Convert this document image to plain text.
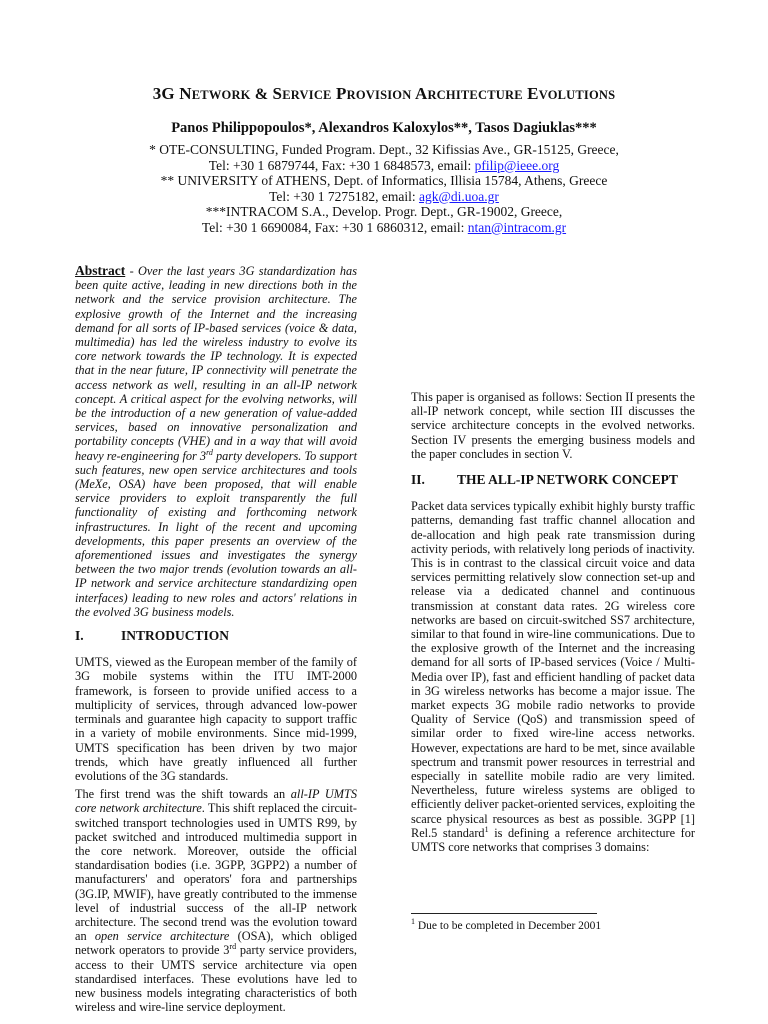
3G NETWORK & SERVICE PROVISION ARCHITECTURE EVOLUTIONS
Panos Philippopoulos*, Alexandros Kaloxylos**, Tasos Dagiuklas***
* OTE-CONSULTING, Funded Program. Dept., 32 Kifissias Ave., GR-15125, Greece,
Tel: +30 1 6879744, Fax: +30 1 6848573, email: pfilip@ieee.org
** UNIVERSITY of ATHENS, Dept. of Informatics, Illisia 15784, Athens, Greece
Tel: +30 1 7275182, email: agk@di.uoa.gr
***INTRACOM S.A., Develop. Progr. Dept., GR-19002, Greece,
Tel: +30 1 6690084, Fax: +30 1 6860312, email: ntan@intracom.gr

Abstract - Over the last years 3G standardization has been quite active, leading in new directions both in the network and the service provision architecture. The explosive growth of the Internet and the increasing demand for all sorts of IP-based services (voice & data, multimedia) has led the wireless industry to evolve its core network towards the IP technology. It is expected that in the near future, IP connectivity will penetrate the access network as well, resulting in an all-IP network concept. A critical aspect for the evolving networks, will be the introduction of a new generation of value-added services, based on innovative personalization and portability concepts (VHE) and in a way that will avoid heavy re-engineering for 3rd party developers. To support such features, new open service architectures and tools (MeXe, OSA) have been proposed, that will enable service providers to exploit transparently the full functionality of existing and forthcoming network infrastructures. In light of the recent and upcoming developments, this paper presents an overview of the aforementioned issues and investigates the synergy between the two major trends (evolution towards an all-IP network and service architecture standardizing open interfaces) leading to new roles and actors' relations in the evolved 3G business models.

I.	INTRODUCTION

UMTS, viewed as the European member of the family of 3G mobile systems within the ITU IMT-2000 framework, is forseen to provide unified access to a multiplicity of services, through advanced low-power terminals and guarantee high capacity to support traffic in a variety of mobile environments. Since mid-1999, UMTS specification has been driven by two major trends, which have greatly influenced all further evolutions of the 3G standards.

The first trend was the shift towards an all-IP UMTS core network architecture. This shift replaced the circuit-switched transport technologies used in UMTS R99, by packet switched and introduced multimedia support in the core network. Moreover, outside the official standardisation bodies (i.e. 3GPP, 3GPP2) a number of manufacturers' and operators' fora and partnerships (3G.IP, MWIF), have greatly contributed to the immense level of industrial success of the all-IP network architecture. The second trend was the evolution toward an open service architecture (OSA), which obliged network operators to provide 3rd party service providers, access to their UMTS service architecture via open standardised interfaces. These evolutions have led to new business models integrating characteristics of both wireless and wire-line service deployment.

This paper is organised as follows: Section II presents the all-IP network concept, while section III discusses the service architecture concepts in the evolved networks. Section IV presents the emerging business models and the paper concludes in section V.

II.	THE ALL-IP NETWORK CONCEPT

Packet data services typically exhibit highly bursty traffic patterns, demanding fast traffic channel allocation and de-allocation and high peak rate transmission during activity periods, with relatively long periods of inactivity. This is in contrast to the classical circuit voice and data services permitting relatively slow connection set-up and release via a dedicated channel and continuous transmission at constant data rates. 2G wireless core networks are based on circuit-switched SS7 architecture, similar to that found in wire-line communications. Due to the explosive growth of the Internet and the increasing demand for all sorts of IP-based services (Voice / Multi-Media over IP), fast and efficient handling of packet data in 3G wireless networks has become a major issue. The market expects 3G mobile radio networks to provide Quality of Service (QoS) and transmission speed of similar order to fixed wire-line access networks. However, expectations are hard to be met, since available spectrum and transmit power resources in terrestrial and especially in satellite mobile radio are very limited. Nevertheless, future wireless systems are obliged to efficiently deliver packet-oriented services, exploiting the scarce physical resources as best as possible. 3GPP [1] Rel.5 standard$^1$ is defining a reference architecture for UMTS core networks that comprises 3 domains:

$^1$ Due to be completed in December 2001
